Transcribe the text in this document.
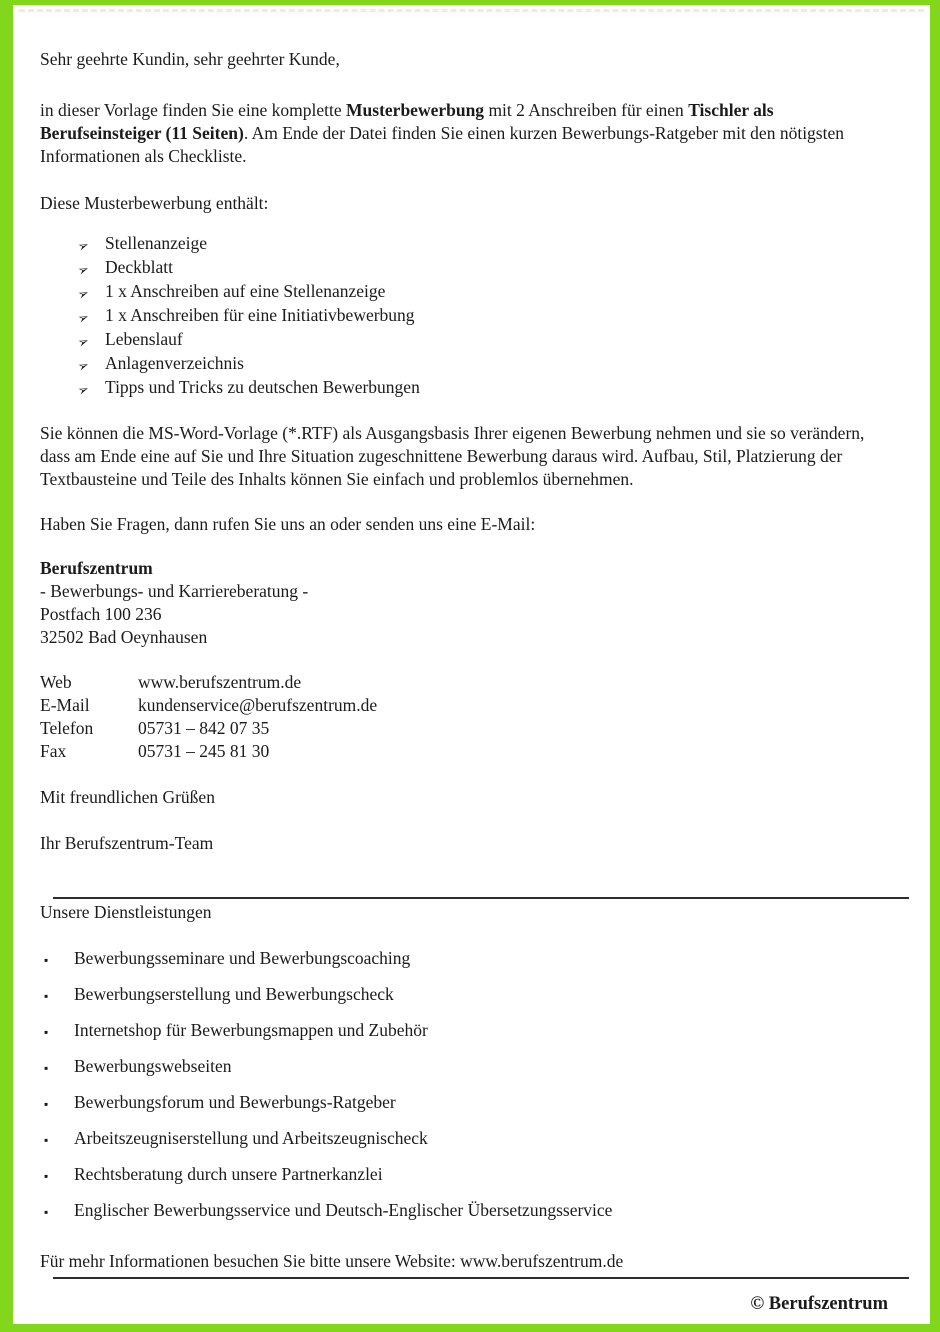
Sehr geehrte Kundin, sehr geehrter Kunde,

in dieser Vorlage finden Sie eine komplette Musterbewerbung mit 2 Anschreiben für einen Tischler als Berufseinsteiger (11 Seiten). Am Ende der Datei finden Sie einen kurzen Bewerbungs-Ratgeber mit den nötigsten Informationen als Checkliste.

Diese Musterbewerbung enthält:

➢ Stellenanzeige
➢ Deckblatt
➢ 1 x Anschreiben auf eine Stellenanzeige
➢ 1 x Anschreiben für eine Initiativbewerbung
➢ Lebenslauf
➢ Anlagenverzeichnis
➢ Tipps und Tricks zu deutschen Bewerbungen

Sie können die MS-Word-Vorlage (*.RTF) als Ausgangsbasis Ihrer eigenen Bewerbung nehmen und sie so verändern, dass am Ende eine auf Sie und Ihre Situation zugeschnittene Bewerbung daraus wird. Aufbau, Stil, Platzierung der Textbausteine und Teile des Inhalts können Sie einfach und problemlos übernehmen.

Haben Sie Fragen, dann rufen Sie uns an oder senden uns eine E-Mail:

Berufszentrum

- Bewerbungs- und Karriereberatung -

Postfach 100 236

32502 Bad Oeynhausen

Web	www.berufszentrum.de
E-Mail	kundenservice@berufszentrum.de
Telefon	05731 – 842 07 35
Fax	05731 – 245 81 30

Mit freundlichen Grüßen

Ihr Berufszentrum-Team

Unsere Dienstleistungen

▪	Bewerbungsseminare und Bewerbungscoaching
▪	Bewerbungserstellung und Bewerbungscheck
▪	Internetshop für Bewerbungsmappen und Zubehör
▪	Bewerbungswebseiten
▪	Bewerbungsforum und Bewerbungs-Ratgeber
▪	Arbeitszeugniserstellung und Arbeitszeugnischeck
▪	Rechtsberatung durch unsere Partnerkanzlei
▪	Englischer Bewerbungsservice und Deutsch-Englischer Übersetzungsservice

Für mehr Informationen besuchen Sie bitte unsere Website: www.berufszentrum.de

© Berufszentrum
